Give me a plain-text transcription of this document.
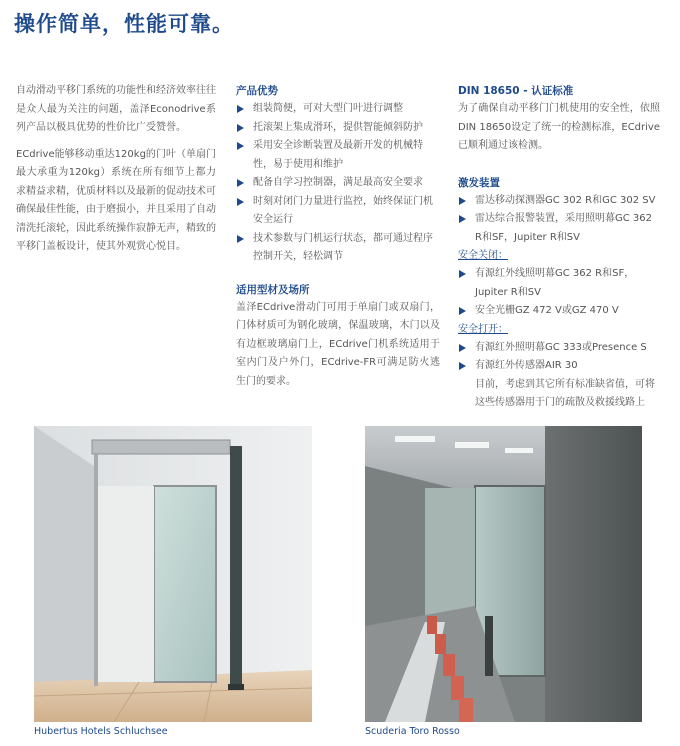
操作简单，性能可靠。

自动滑动平移门系统的功能性和经济效率往往是众人最为关注的问题，盖泽Econodrive系列产品以极具优势的性价比广受赞誉。

ECdrive能够移动重达120kg的门叶（单扇门最大承重为120kg）系统在所有细节上都力求精益求精，优质材料以及最新的促动技术可确保最佳性能，由于磨损小，并且采用了自动清洗托滚轮，因此系统操作寂静无声，精致的平移门盖板设计，使其外观赏心悦目。

产品优势
组装简便，可对大型门叶进行调整
托滚架上集成滑环，提供智能倾斜防护
采用安全诊断装置及最新开发的机械特性，易于使用和维护
配备自学习控制器，满足最高安全要求
时刻对闭门力量进行监控，始终保证门机安全运行
技术参数与门机运行状态，都可通过程序控制开关，轻松调节
适用型材及场所

盖泽ECdrive滑动门可用于单扇门或双扇门，门体材质可为钢化玻璃，保温玻璃，木门以及有边框玻璃扇门上，ECdrive门机系统适用于室内门及户外门，ECdrive-FR可满足防火逃生门的要求。

DIN 18650 - 认证标准

为了确保自动平移门门机使用的安全性，依照DIN 18650设定了统一的检测标准，ECdrive已顺利通过该检测。

激发装置
雷达移动探测器GC 302 R和GC 302 SV
雷达综合报警装置，采用照明幕GC 362 R和SF，Jupiter R和SV
安全关闭：
有源红外线照明幕GC 362 R和SF，Jupiter R和SV
安全光栅GZ 472 V或GZ 470 V
安全打开：
有源红外照明幕GC 333或Presence S
有源红外传感器AIR 30
目前，考虑到其它所有标准缺省值，可将这些传感器用于门的疏散及救援线路上
Hubertus Hotels Schluchsee	Scuderia Toro Rosso
